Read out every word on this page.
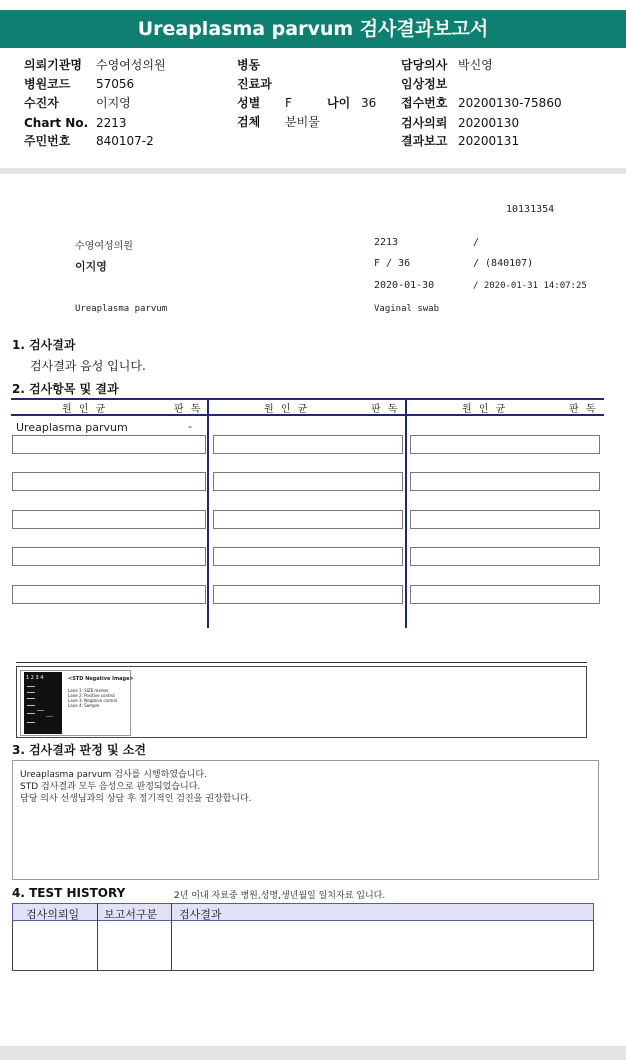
Ureaplasma parvum 검사결과보고서
의뢰기관명 수영여성의원
병원코드 57056
수진자	이지영
Chart No. 2213
주민번호 840107-2
병동
진료과
성별 F	나이 36
검체 분비물
담당의사 박신영
임상정보
접수번호 20200130-75860
검사의뢰 20200130
결과보고 20200131
10131354
수영여성의원
이지영
2213	/
F / 36	/ (840107)
2020-01-30	/ 2020-01-31 14:07:25
Ureaplasma parvum	Vaginal swab
1. 검사결과
검사결과 음성 입니다.
2. 검사항목 및 결과
원 인 균	판 독	원 인 균	판 독	원 인 균	판 독
Ureaplasma parvum	-
1 2 3 4	<STD Negative Image>
Lane 1: SIZE marker
Lane 2: Positive control
Lane 3: Negative control
Lane 4: Sample
3. 검사결과 판정 및 소견
Ureaplasma parvum 검사를 시행하였습니다.
STD 검사결과 모두 음성으로 판정되었습니다.
담당 의사 선생님과의 상담 후 정기적인 검진을 권장합니다.
4. TEST HISTORY	2년 이내 자료중 병원,성명,생년월일 일치자료 입니다.
검사의뢰일 보고서구분 검사결과
